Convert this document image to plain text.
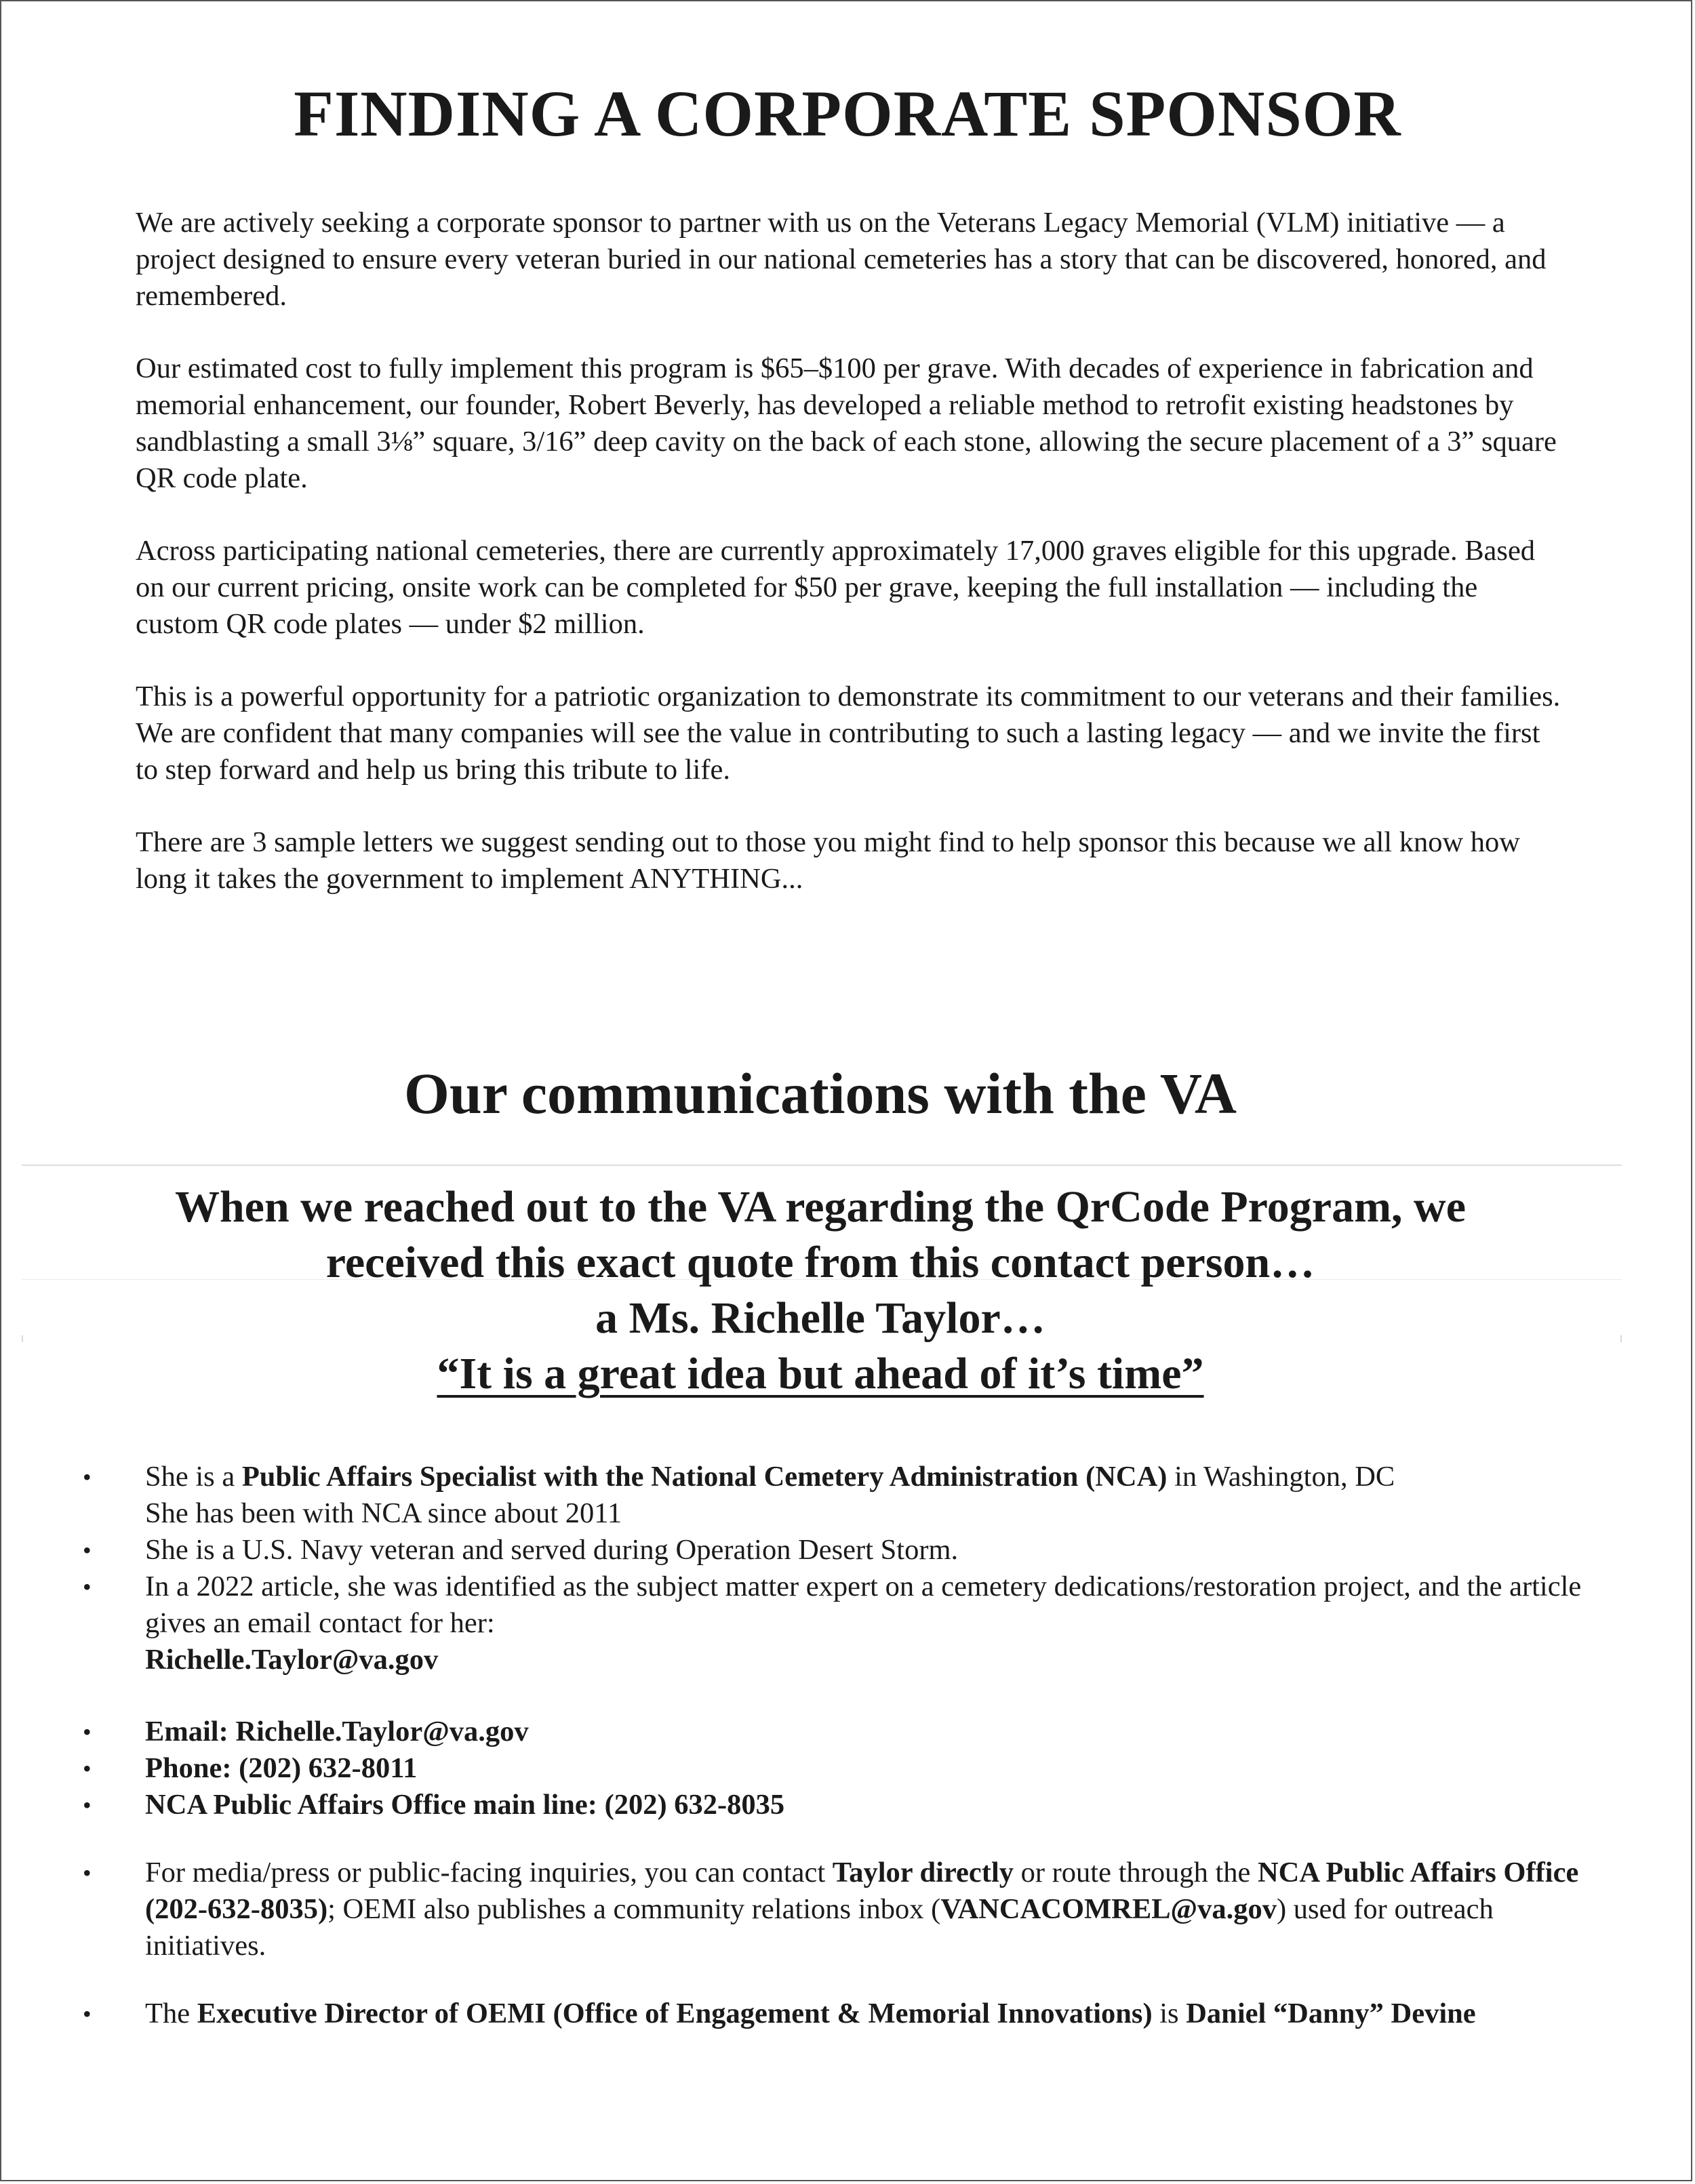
FINDING A CORPORATE SPONSOR

We are actively seeking a corporate sponsor to partner with us on the Veterans Legacy Memorial (VLM) initiative — a project designed to ensure every veteran buried in our national cemeteries has a story that can be discovered, honored, and remembered.

Our estimated cost to fully implement this program is $65–$100 per grave. With decades of experience in fabrication and memorial enhancement, our founder, Robert Beverly, has developed a reliable method to retrofit existing headstones by sandblasting a small 3⅛” square, 3/16” deep cavity on the back of each stone, allowing the secure placement of a 3” square QR code plate.

Across participating national cemeteries, there are currently approximately 17,000 graves eligible for this upgrade. Based on our current pricing, onsite work can be completed for $50 per grave, keeping the full installation — including the custom QR code plates — under $2 million.

This is a powerful opportunity for a patriotic organization to demonstrate its commitment to our veterans and their families. We are confident that many companies will see the value in contributing to such a lasting legacy — and we invite the first to step forward and help us bring this tribute to life.

There are 3 sample letters we suggest sending out to those you might find to help sponsor this because we all know how long it takes the government to implement ANYTHING...

Our communications with the VA
When we reached out to the VA regarding the QrCode Program, we
received this exact quote from this contact person…
a Ms. Richelle Taylor…
“It is a great idea but ahead of it’s time”
• She is a Public Affairs Specialist with the National Cemetery Administration (NCA) in Washington, DC
She has been with NCA since about 2011
• She is a U.S. Navy veteran and served during Operation Desert Storm.
• In a 2022 article, she was identified as the subject matter expert on a cemetery dedications/restoration project, and the article gives an email contact for her:
Richelle.Taylor@va.gov
• Email: Richelle.Taylor@va.gov
• Phone: (202) 632-8011
• NCA Public Affairs Office main line: (202) 632-8035
• For media/press or public-facing inquiries, you can contact Taylor directly or route through the NCA Public Affairs Office (202-632-8035); OEMI also publishes a community relations inbox (VANCACOMREL@va.gov) used for outreach initiatives.
• The Executive Director of OEMI (Office of Engagement & Memorial Innovations) is Daniel “Danny” Devine
